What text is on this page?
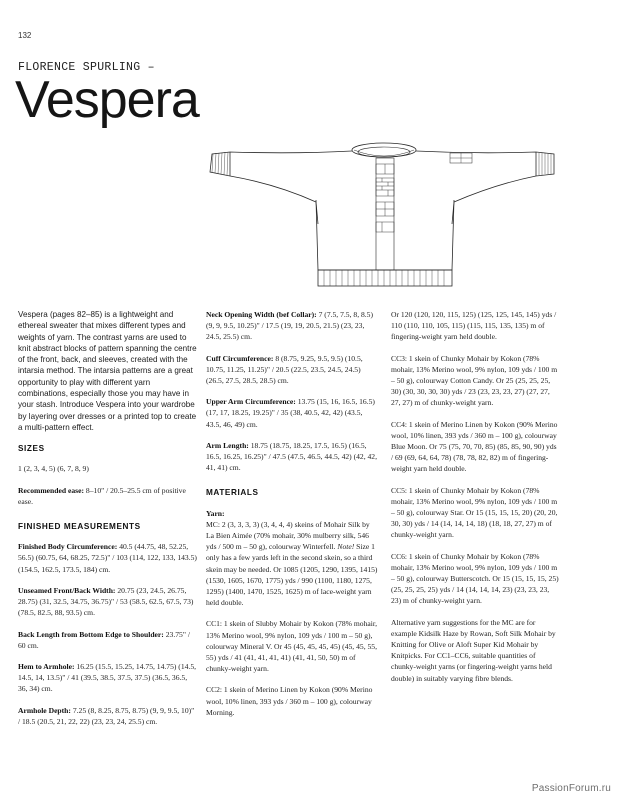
132
FLORENCE SPURLING –
Vespera

Vespera (pages 82–85) is a lightweight and ethereal sweater that mixes different types and weights of yarn. The contrast yarns are used to knit abstract blocks of pattern spanning the centre of the front, back, and sleeves, created with the intarsia method. The intarsia patterns are a great opportunity to play with different yarn combinations, especially those you may have in your stash. Introduce Vespera into your wardrobe by layering over dresses or a printed top to create a multi-pattern effect.

SIZES

1 (2, 3, 4, 5) (6, 7, 8, 9)

Recommended ease: 8–10" / 20.5–25.5 cm of positive ease.

FINISHED MEASUREMENTS

Finished Body Circumference: 40.5 (44.75, 48, 52.25, 56.5) (60.75, 64, 68.25, 72.5)" / 103 (114, 122, 133, 143.5) (154.5, 162.5, 173.5, 184) cm.

Unseamed Front/Back Width: 20.75 (23, 24.5, 26.75, 28.75) (31, 32.5, 34.75, 36.75)" / 53 (58.5, 62.5, 67.5, 73) (78.5, 82.5, 88, 93.5) cm.

Back Length from Bottom Edge to Shoulder: 23.75" / 60 cm.

Hem to Armhole: 16.25 (15.5, 15.25, 14.75, 14.75) (14.5, 14.5, 14, 13.5)" / 41 (39.5, 38.5, 37.5, 37.5) (36.5, 36.5, 36, 34) cm.

Armhole Depth: 7.25 (8, 8.25, 8.75, 8.75) (9, 9, 9.5, 10)" / 18.5 (20.5, 21, 22, 22) (23, 23, 24, 25.5) cm.

Neck Opening Width (bef Collar): 7 (7.5, 7.5, 8, 8.5) (9, 9, 9.5, 10.25)" / 17.5 (19, 19, 20.5, 21.5) (23, 23, 24.5, 25.5) cm.

Cuff Circumference: 8 (8.75, 9.25, 9.5, 9.5) (10.5, 10.75, 11.25, 11.25)" / 20.5 (22.5, 23.5, 24.5, 24.5) (26.5, 27.5, 28.5, 28.5) cm.

Upper Arm Circumference: 13.75 (15, 16, 16.5, 16.5) (17, 17, 18.25, 19.25)" / 35 (38, 40.5, 42, 42) (43.5, 43.5, 46, 49) cm.

Arm Length: 18.75 (18.75, 18.25, 17.5, 16.5) (16.5, 16.5, 16.25, 16.25)" / 47.5 (47.5, 46.5, 44.5, 42) (42, 42, 41, 41) cm.

MATERIALS
Yarn:

MC: 2 (3, 3, 3, 3) (3, 4, 4, 4) skeins of Mohair Silk by La Bien Aimée (70% mohair, 30% mulberry silk, 546 yds / 500 m – 50 g), colourway Winterfell. Note! Size 1 only has a few yards left in the second skein, so a third skein may be needed. Or 1085 (1205, 1290, 1395, 1415) (1530, 1605, 1670, 1775) yds / 990 (1100, 1180, 1275, 1295) (1400, 1470, 1525, 1625) m of lace-weight yarn held double.

CC1: 1 skein of Slubby Mohair by Kokon (78% mohair, 13% Merino wool, 9% nylon, 109 yds / 100 m – 50 g), colourway Mineral V. Or 45 (45, 45, 45, 45) (45, 45, 55, 55) yds / 41 (41, 41, 41, 41) (41, 41, 50, 50) m of chunky-weight yarn.

CC2: 1 skein of Merino Linen by Kokon (90% Merino wool, 10% linen, 393 yds / 360 m – 100 g), colourway Morning.

Or 120 (120, 120, 115, 125) (125, 125, 145, 145) yds / 110 (110, 110, 105, 115) (115, 115, 135, 135) m of fingering-weight yarn held double.

CC3: 1 skein of Chunky Mohair by Kokon (78% mohair, 13% Merino wool, 9% nylon, 109 yds / 100 m – 50 g), colourway Cotton Candy. Or 25 (25, 25, 25, 30) (30, 30, 30, 30) yds / 23 (23, 23, 23, 27) (27, 27, 27, 27) m of chunky-weight yarn.

CC4: 1 skein of Merino Linen by Kokon (90% Merino wool, 10% linen, 393 yds / 360 m – 100 g), colourway Blue Moon. Or 75 (75, 70, 70, 85) (85, 85, 90, 90) yds / 69 (69, 64, 64, 78) (78, 78, 82, 82) m of fingering-weight yarn held double.

CC5: 1 skein of Chunky Mohair by Kokon (78% mohair, 13% Merino wool, 9% nylon, 109 yds / 100 m – 50 g), colourway Star. Or 15 (15, 15, 15, 20) (20, 20, 30, 30) yds / 14 (14, 14, 14, 18) (18, 18, 27, 27) m of chunky-weight yarn.

CC6: 1 skein of Chunky Mohair by Kokon (78% mohair, 13% Merino wool, 9% nylon, 109 yds / 100 m – 50 g), colourway Butterscotch. Or 15 (15, 15, 15, 25) (25, 25, 25, 25) yds / 14 (14, 14, 14, 23) (23, 23, 23, 23) m of chunky-weight yarn.

Alternative yarn suggestions for the MC are for example Kidsilk Haze by Rowan, Soft Silk Mohair by Knitting for Olive or Aloft Super Kid Mohair by Knitpicks. For CC1–CC6, suitable quantities of chunky-weight yarns (or fingering-weight yarns held double) in suitably varying fibre blends.

PassionForum.ru
